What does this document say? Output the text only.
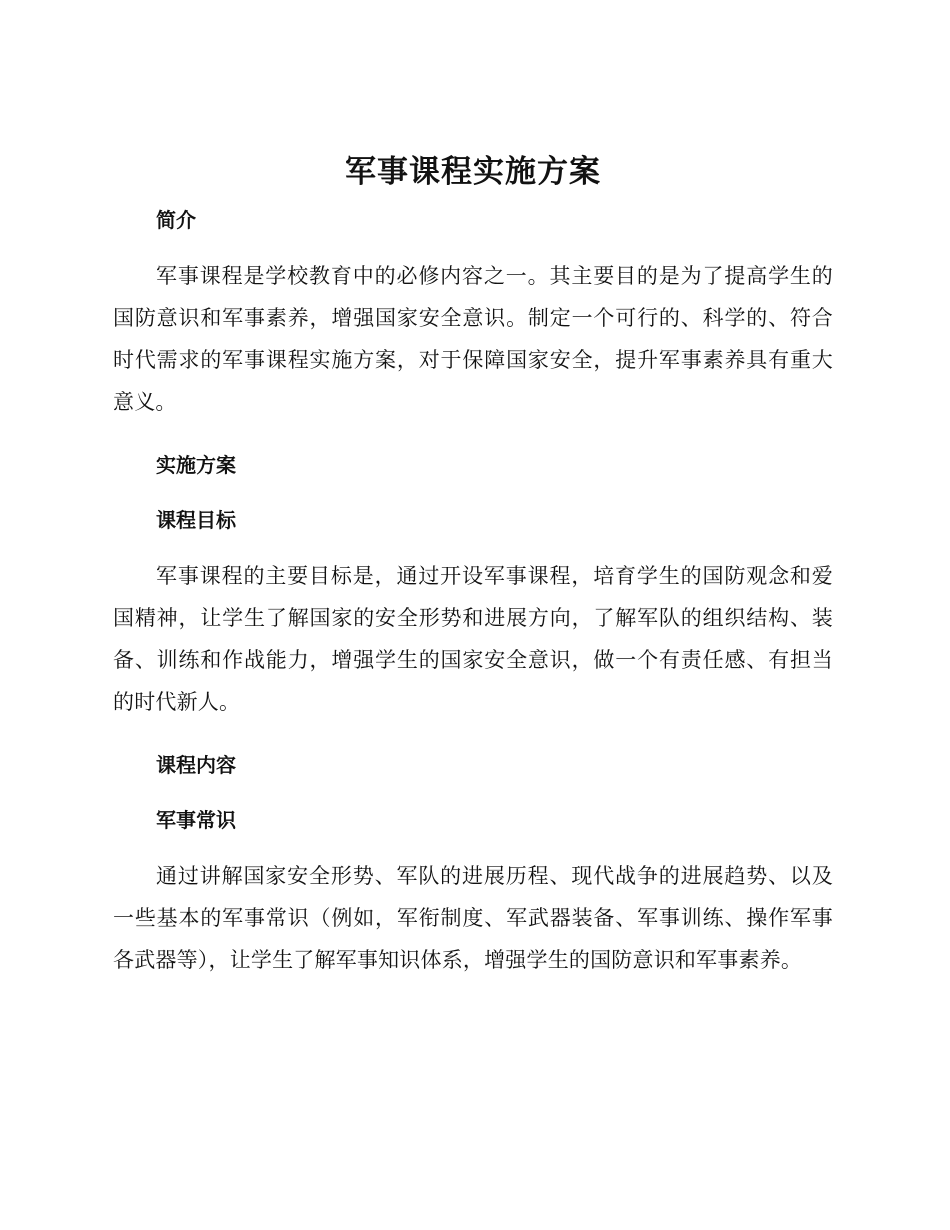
军事课程实施方案
简介

军事课程是学校教育中的必修内容之一。其主要目的是为了提高学生的国防意识和军事素养，增强国家安全意识。制定一个可行的、科学的、符合时代需求的军事课程实施方案，对于保障国家安全，提升军事素养具有重大意义。

实施方案
课程目标

军事课程的主要目标是，通过开设军事课程，培育学生的国防观念和爱国精神，让学生了解国家的安全形势和进展方向，了解军队的组织结构、装备、训练和作战能力，增强学生的国家安全意识，做一个有责任感、有担当的时代新人。

课程内容
军事常识

通过讲解国家安全形势、军队的进展历程、现代战争的进展趋势、以及一些基本的军事常识（例如，军衔制度、军武器装备、军事训练、操作军事各武器等），让学生了解军事知识体系，增强学生的国防意识和军事素养。
